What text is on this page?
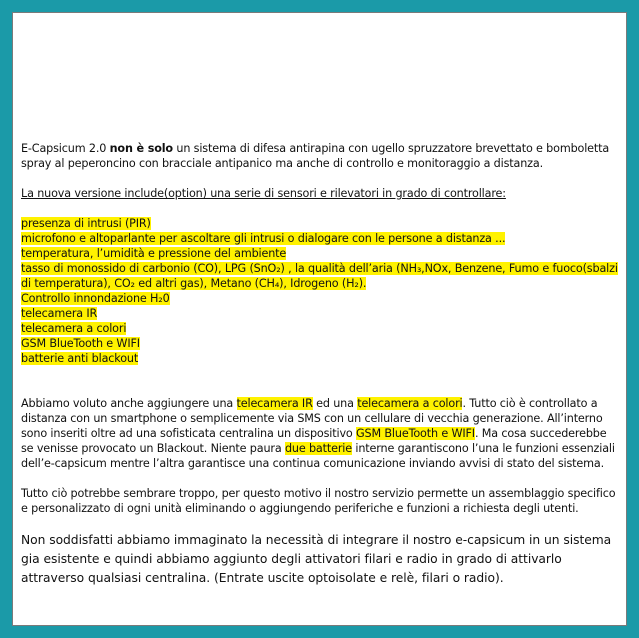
E-Capsicum 2.0 non è solo un sistema di difesa antirapina con ugello spruzzatore brevettato e bomboletta spray al peperoncino con bracciale antipanico ma anche di controllo e monitoraggio a distanza.

La nuova versione include(option) una serie di sensori e rilevatori in grado di controllare:

presenza di intrusi (PIR)
microfono e altoparlante per ascoltare gli intrusi o dialogare con le persone a distanza ...
temperatura, l’umidità e pressione del ambiente
tasso di monossido di carbonio (CO), LPG (SnO₂) , la qualità dell’aria (NH₃,NOx, Benzene, Fumo e fuoco(sbalzi di temperatura), CO₂ ed altri gas), Metano (CH₄), Idrogeno (H₂).
Controllo innondazione H₂0
telecamera IR
telecamera a colori
GSM BlueTooth e WIFI
batterie anti blackout

Abbiamo voluto anche aggiungere una telecamera IR ed una telecamera a colori. Tutto ciò è controllato a distanza con un smartphone o semplicemente via SMS con un cellulare di vecchia generazione. All’interno sono inseriti oltre ad una sofisticata centralina un dispositivo GSM BlueTooth e WIFI. Ma cosa succederebbe se venisse provocato un Blackout. Niente paura due batterie interne garantiscono l’una le funzioni essenziali dell’e-capsicum mentre l’altra garantisce una continua comunicazione inviando avvisi di stato del sistema.

Tutto ciò potrebbe sembrare troppo, per questo motivo il nostro servizio permette un assemblaggio specifico e personalizzato di ogni unità eliminando o aggiungendo periferiche e funzioni a richiesta degli utenti.

Non soddisfatti abbiamo immaginato la necessità di integrare il nostro e-capsicum in un sistema gia esistente e quindi abbiamo aggiunto degli attivatori filari e radio in grado di attivarlo attraverso qualsiasi centralina. (Entrate uscite optoisolate e relè, filari o radio).
